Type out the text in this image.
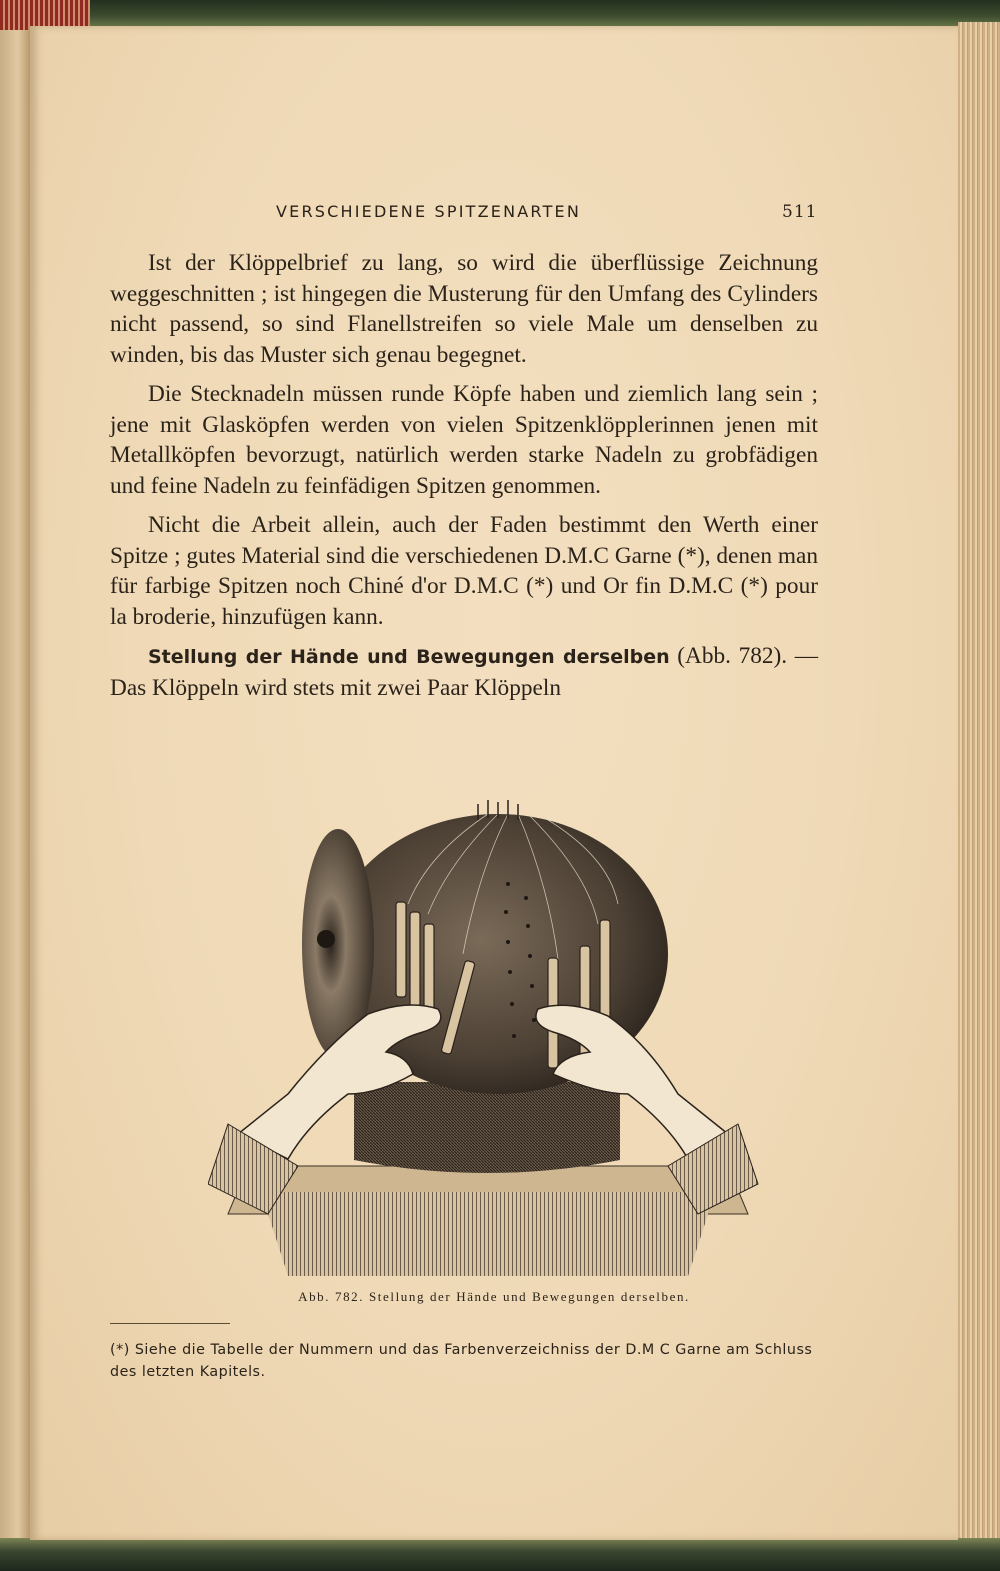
VERSCHIEDENE SPITZENARTEN	511

Ist der Klöppelbrief zu lang, so wird die überflüssige Zeichnung weggeschnitten ; ist hingegen die Musterung für den Umfang des Cylinders nicht passend, so sind Flanellstreifen so viele Male um denselben zu winden, bis das Muster sich genau begegnet.

Die Stecknadeln müssen runde Köpfe haben und ziemlich lang sein ; jene mit Glasköpfen werden von vielen Spitzenklöpplerinnen jenen mit Metallköpfen bevorzugt, natürlich werden starke Nadeln zu grobfädigen und feine Nadeln zu feinfädigen Spitzen genommen.

Nicht die Arbeit allein, auch der Faden bestimmt den Werth einer Spitze ; gutes Material sind die verschiedenen D.M.C Garne (*), denen man für farbige Spitzen noch Chiné d'or D.M.C (*) und Or fin D.M.C (*) pour la broderie, hinzufügen kann.

Stellung der Hände und Bewegungen derselben (Abb. 782). — Das Klöppeln wird stets mit zwei Paar Klöppeln

Abb. 782. Stellung der Hände und Bewegungen derselben.
(*) Siehe die Tabelle der Nummern und das Farbenverzeichniss der D.M C Garne am Schluss des letzten Kapitels.
